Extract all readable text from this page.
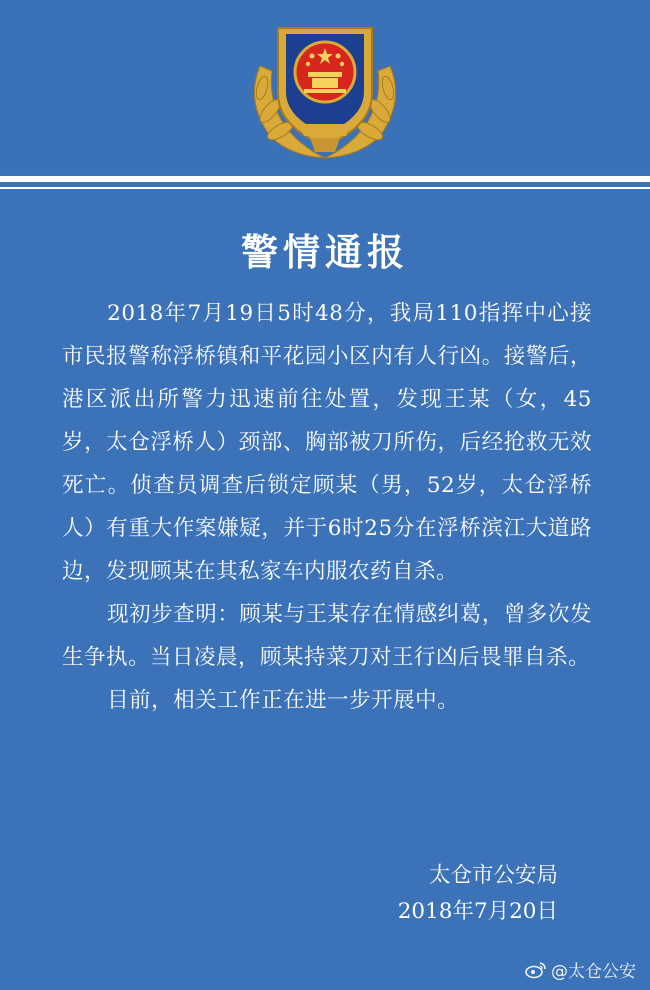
警情通报

2018年7月19日5时48分，我局110指挥中心接市民报警称浮桥镇和平花园小区内有人行凶。接警后，港区派出所警力迅速前往处置，发现王某（女，45岁，太仓浮桥人）颈部、胸部被刀所伤，后经抢救无效死亡。侦查员调查后锁定顾某（男，52岁，太仓浮桥人）有重大作案嫌疑，并于6时25分在浮桥滨江大道路边，发现顾某在其私家车内服农药自杀。

现初步查明：顾某与王某存在情感纠葛，曾多次发生争执。当日凌晨，顾某持菜刀对王行凶后畏罪自杀。

目前，相关工作正在进一步开展中。

太仓市公安局
2018年7月20日
@太仓公安
